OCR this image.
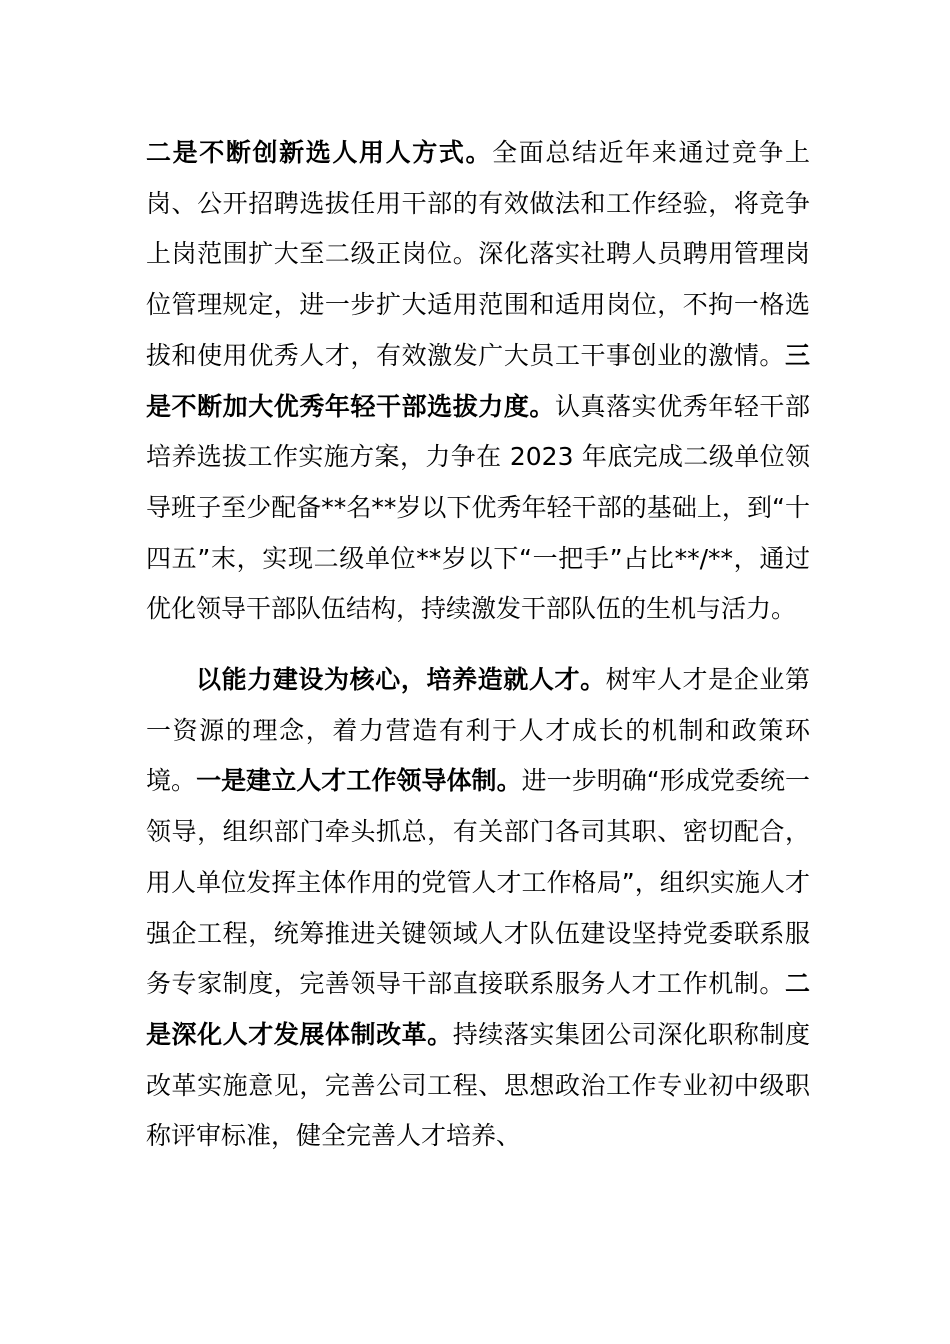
二是不断创新选人用人方式。全面总结近年来通过竞争上岗、公开招聘选拔任用干部的有效做法和工作经验，将竞争上岗范围扩大至二级正岗位。深化落实社聘人员聘用管理岗位管理规定，进一步扩大适用范围和适用岗位，不拘一格选拔和使用优秀人才，有效激发广大员工干事创业的激情。三是不断加大优秀年轻干部选拔力度。认真落实优秀年轻干部培养选拔工作实施方案，力争在 2023 年底完成二级单位领导班子至少配备**名**岁以下优秀年轻干部的基础上，到“十四五”末，实现二级单位**岁以下“一把手”占比**/**，通过优化领导干部队伍结构，持续激发干部队伍的生机与活力。

以能力建设为核心，培养造就人才。树牢人才是企业第一资源的理念，着力营造有利于人才成长的机制和政策环境。一是建立人才工作领导体制。进一步明确“形成党委统一领导，组织部门牵头抓总，有关部门各司其职、密切配合，用人单位发挥主体作用的党管人才工作格局”，组织实施人才强企工程，统筹推进关键领域人才队伍建设坚持党委联系服务专家制度，完善领导干部直接联系服务人才工作机制。二是深化人才发展体制改革。持续落实集团公司深化职称制度改革实施意见，完善公司工程、思想政治工作专业初中级职称评审标准，健全完善人才培养、
